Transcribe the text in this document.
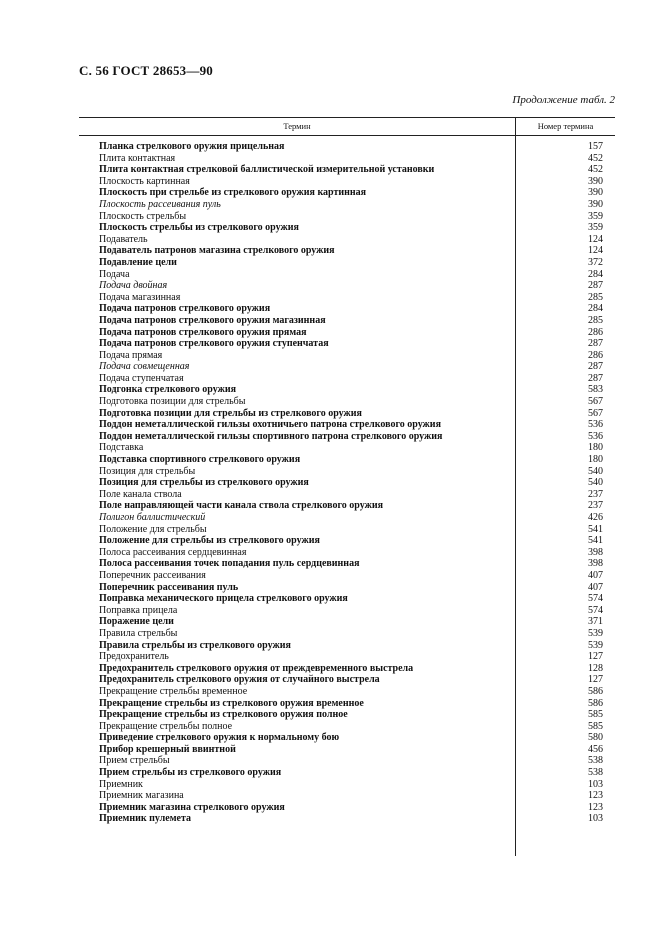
С. 56 ГОСТ 28653—90
Продолжение табл. 2
Термин	Номер термина
Планка стрелкового оружия прицельная	157
Плита контактная	452
Плита контактная стрелковой баллистической измерительной установки	452
Плоскость картинная	390
Плоскость при стрельбе из стрелкового оружия картинная	390
Плоскость рассеивания пуль	390
Плоскость стрельбы	359
Плоскость стрельбы из стрелкового оружия	359
Подаватель	124
Подаватель патронов магазина стрелкового оружия	124
Подавление цели	372
Подача	284
Подача двойная	287
Подача магазинная	285
Подача патронов стрелкового оружия	284
Подача патронов стрелкового оружия магазинная	285
Подача патронов стрелкового оружия прямая	286
Подача патронов стрелкового оружия ступенчатая	287
Подача прямая	286
Подача совмещенная	287
Подача ступенчатая	287
Подгонка стрелкового оружия	583
Подготовка позиции для стрельбы	567
Подготовка позиции для стрельбы из стрелкового оружия	567
Поддон неметаллической гильзы охотничьего патрона стрелкового оружия	536
Поддон неметаллической гильзы спортивного патрона стрелкового оружия	536
Подставка	180
Подставка спортивного стрелкового оружия	180
Позиция для стрельбы	540
Позиция для стрельбы из стрелкового оружия	540
Поле канала ствола	237
Поле направляющей части канала ствола стрелкового оружия	237
Полигон баллистический	426
Положение для стрельбы	541
Положение для стрельбы из стрелкового оружия	541
Полоса рассеивания сердцевинная	398
Полоса рассеивания точек попадания пуль сердцевинная	398
Поперечник рассеивания	407
Поперечник рассеивания пуль	407
Поправка механического прицела стрелкового оружия	574
Поправка прицела	574
Поражение цели	371
Правила стрельбы	539
Правила стрельбы из стрелкового оружия	539
Предохранитель	127
Предохранитель стрелкового оружия от преждевременного выстрела	128
Предохранитель стрелкового оружия от случайного выстрела	127
Прекращение стрельбы временное	586
Прекращение стрельбы из стрелкового оружия временное	586
Прекращение стрельбы из стрелкового оружия полное	585
Прекращение стрельбы полное	585
Приведение стрелкового оружия к нормальному бою	580
Прибор крешерный ввинтной	456
Прием стрельбы	538
Прием стрельбы из стрелкового оружия	538
Приемник	103
Приемник магазина	123
Приемник магазина стрелкового оружия	123
Приемник пулемета	103
